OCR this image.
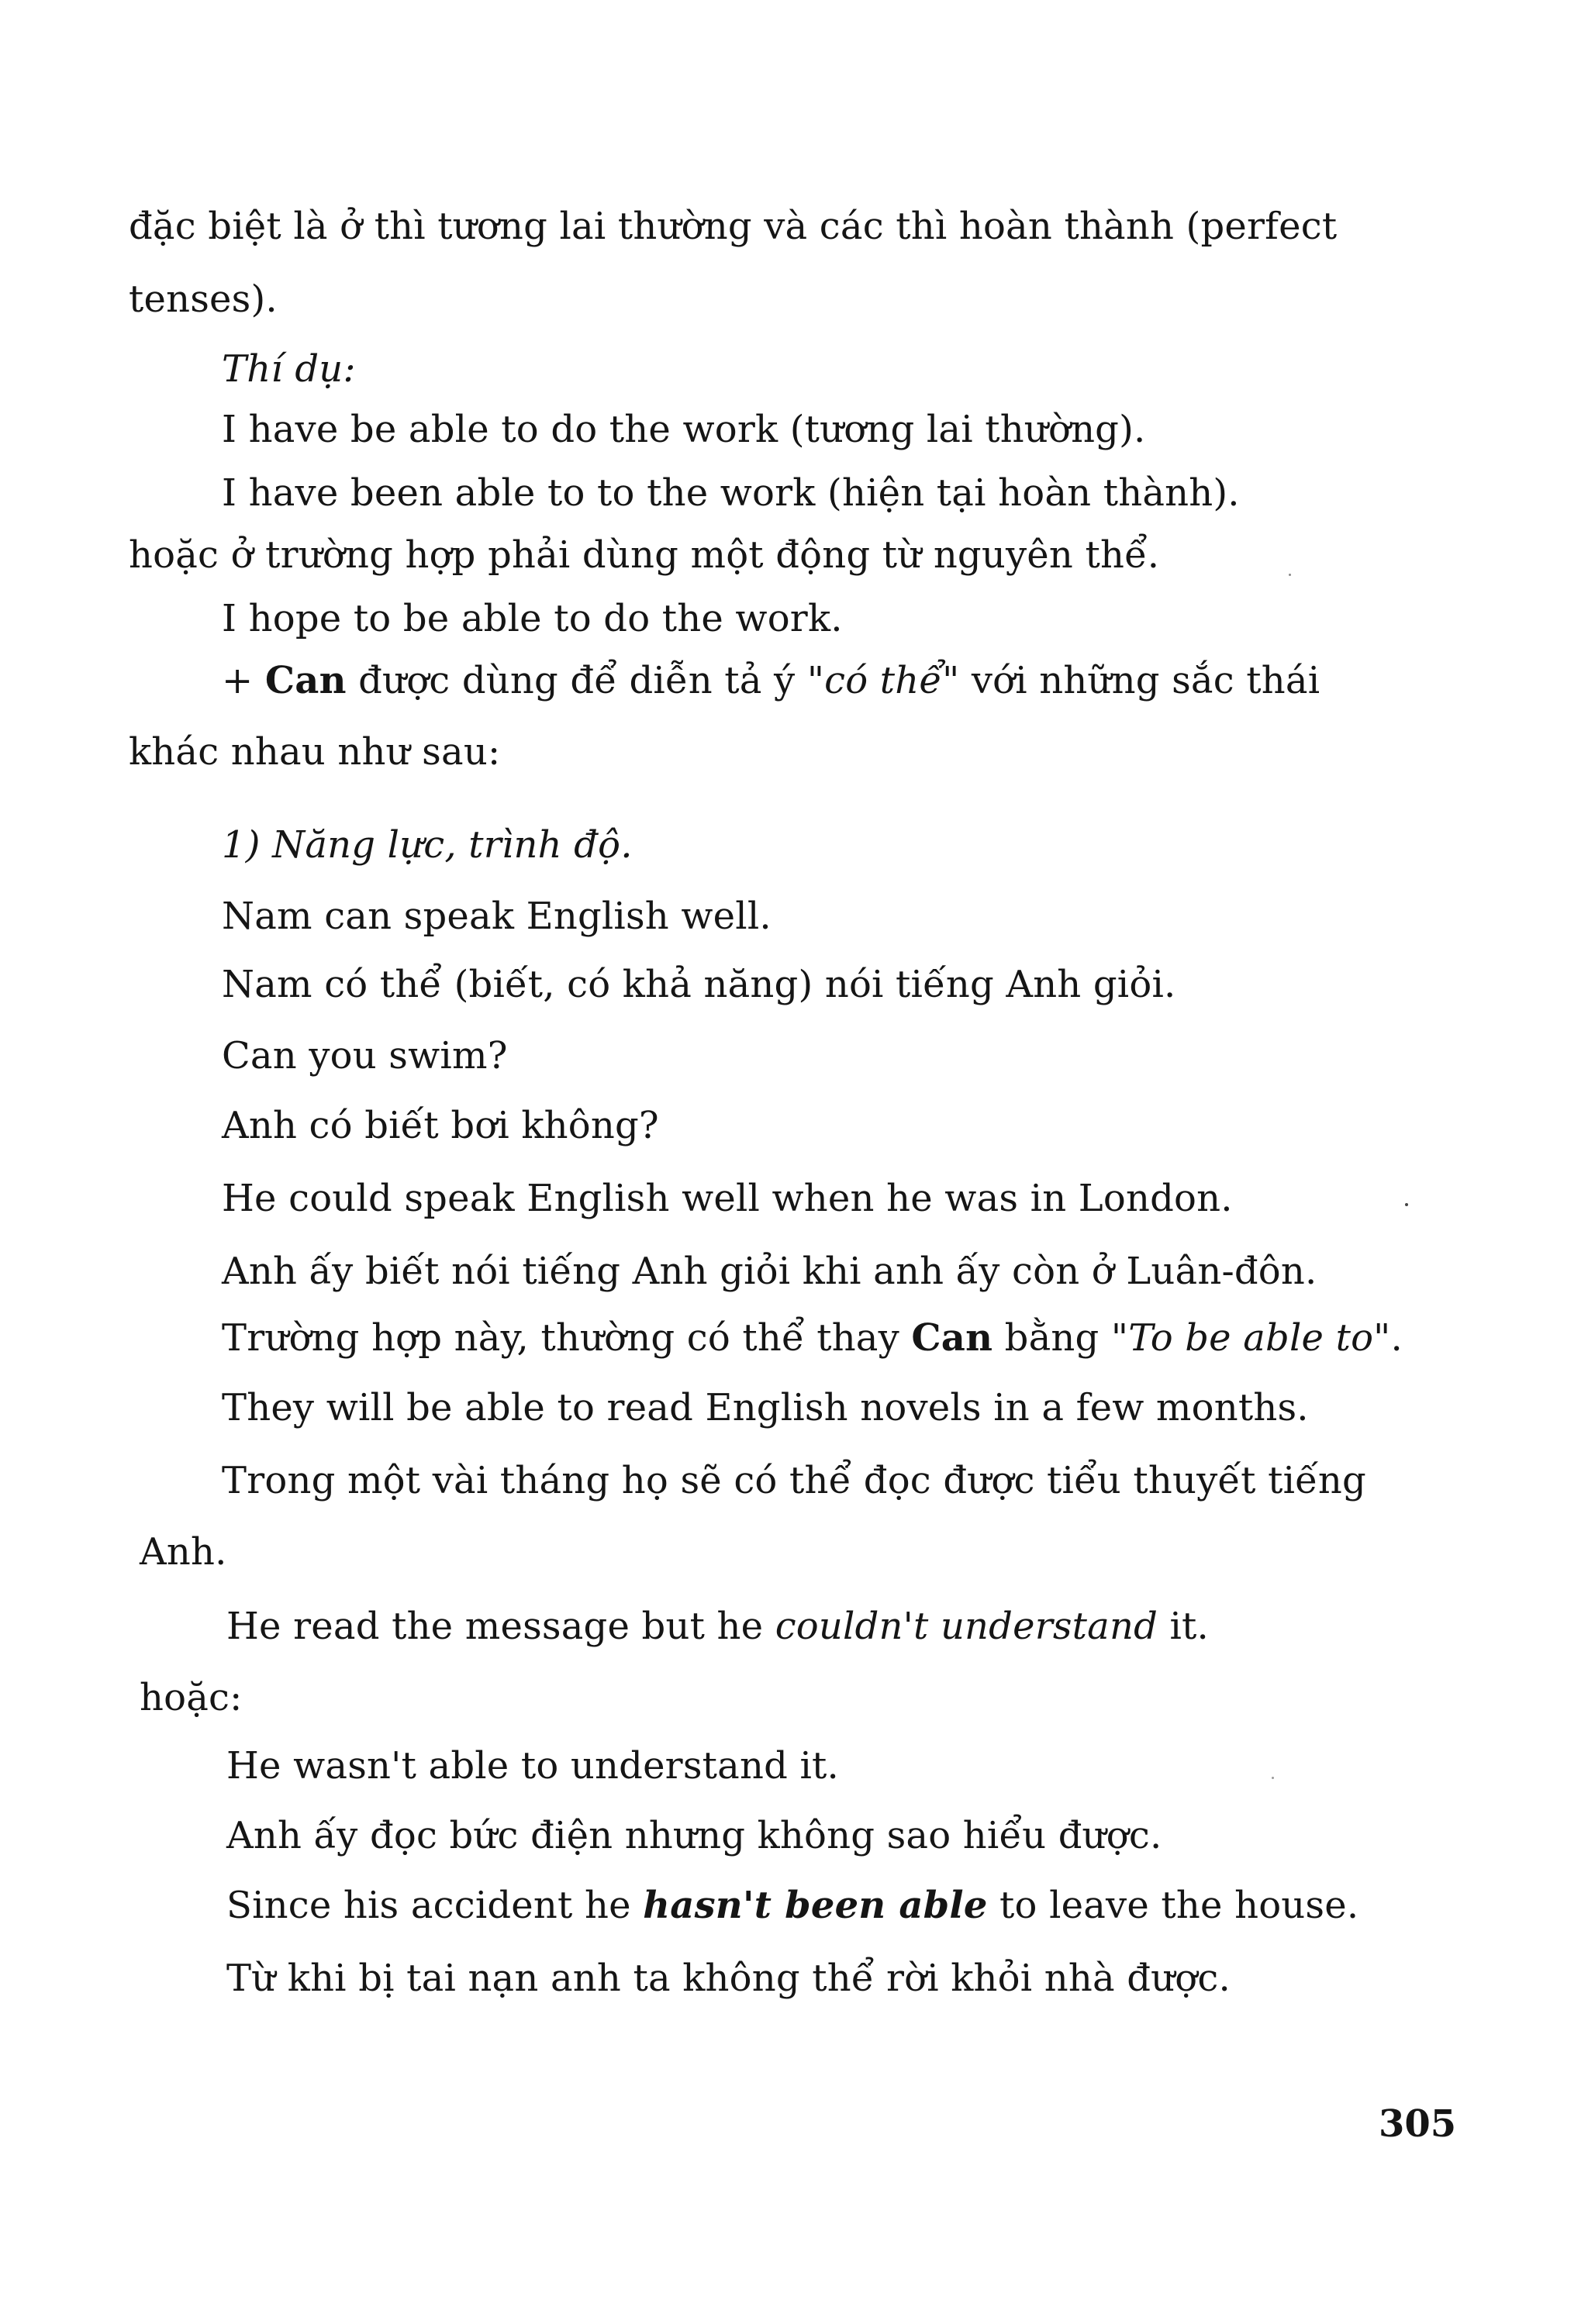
đặc biệt là ở thì tương lai thường và các thì hoàn thành (perfect
tenses).
Thí dụ:
I have be able to do the work (tương lai thường).
I have been able to to the work (hiện tại hoàn thành).
hoặc ở trường hợp phải dùng một động từ nguyên thể.
I hope to be able to do the work.
+ Can được dùng để diễn tả ý "có thể" với những sắc thái
khác nhau như sau:
1) Năng lực, trình độ.
Nam can speak English well.
Nam có thể (biết, có khả năng) nói tiếng Anh giỏi.
Can you swim?
Anh có biết bơi không?
He could speak English well when he was in London.
Anh ấy biết nói tiếng Anh giỏi khi anh ấy còn ở Luân-đôn.
Trường hợp này, thường có thể thay Can bằng "To be able to".
They will be able to read English novels in a few months.
Trong một vài tháng họ sẽ có thể đọc được tiểu thuyết tiếng
Anh.
He read the message but he couldn't understand it.
hoặc:
He wasn't able to understand it.
Anh ấy đọc bức điện nhưng không sao hiểu được.
Since his accident he hasn't been able to leave the house.
Từ khi bị tai nạn anh ta không thể rời khỏi nhà được.
305
